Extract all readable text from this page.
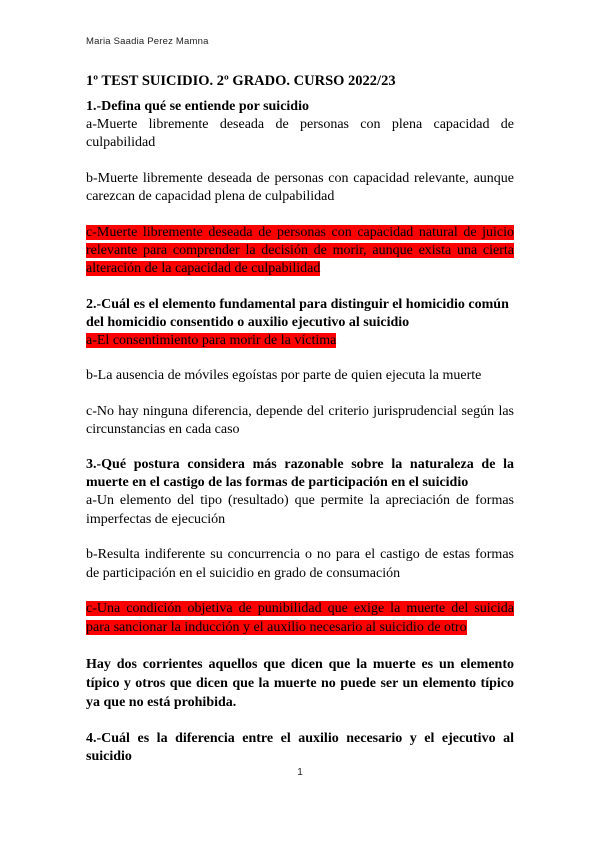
Maria Saadia Perez Mamna

1º TEST SUICIDIO. 2º GRADO. CURSO 2022/23

1.-Defina qué se entiende por suicidio

a-Muerte libremente deseada de personas con plena capacidad de culpabilidad

b-Muerte libremente deseada de personas con capacidad relevante, aunque carezcan de capacidad plena de culpabilidad

c-Muerte libremente deseada de personas con capacidad natural de juicio relevante para comprender la decisión de morir, aunque exista una cierta alteración de la capacidad de culpabilidad

2.-Cuál es el elemento fundamental para distinguir el homicidio común del homicidio consentido o auxilio ejecutivo al suicidio

a-El consentimiento para morir de la víctima

b-La ausencia de móviles egoístas por parte de quien ejecuta la muerte

c-No hay ninguna diferencia, depende del criterio jurisprudencial según las circunstancias en cada caso

3.-Qué postura considera más razonable sobre la naturaleza de la muerte en el castigo de las formas de participación en el suicidio

a-Un elemento del tipo (resultado) que permite la apreciación de formas imperfectas de ejecución

b-Resulta indiferente su concurrencia o no para el castigo de estas formas de participación en el suicidio en grado de consumación

c-Una condición objetiva de punibilidad que exige la muerte del suicida para sancionar la inducción y el auxilio necesario al suicidio de otro

Hay dos corrientes aquellos que dicen que la muerte es un elemento típico y otros que dicen que la muerte no puede ser un elemento típico ya que no está prohibida.

4.-Cuál es la diferencia entre el auxilio necesario y el ejecutivo al suicidio

1
